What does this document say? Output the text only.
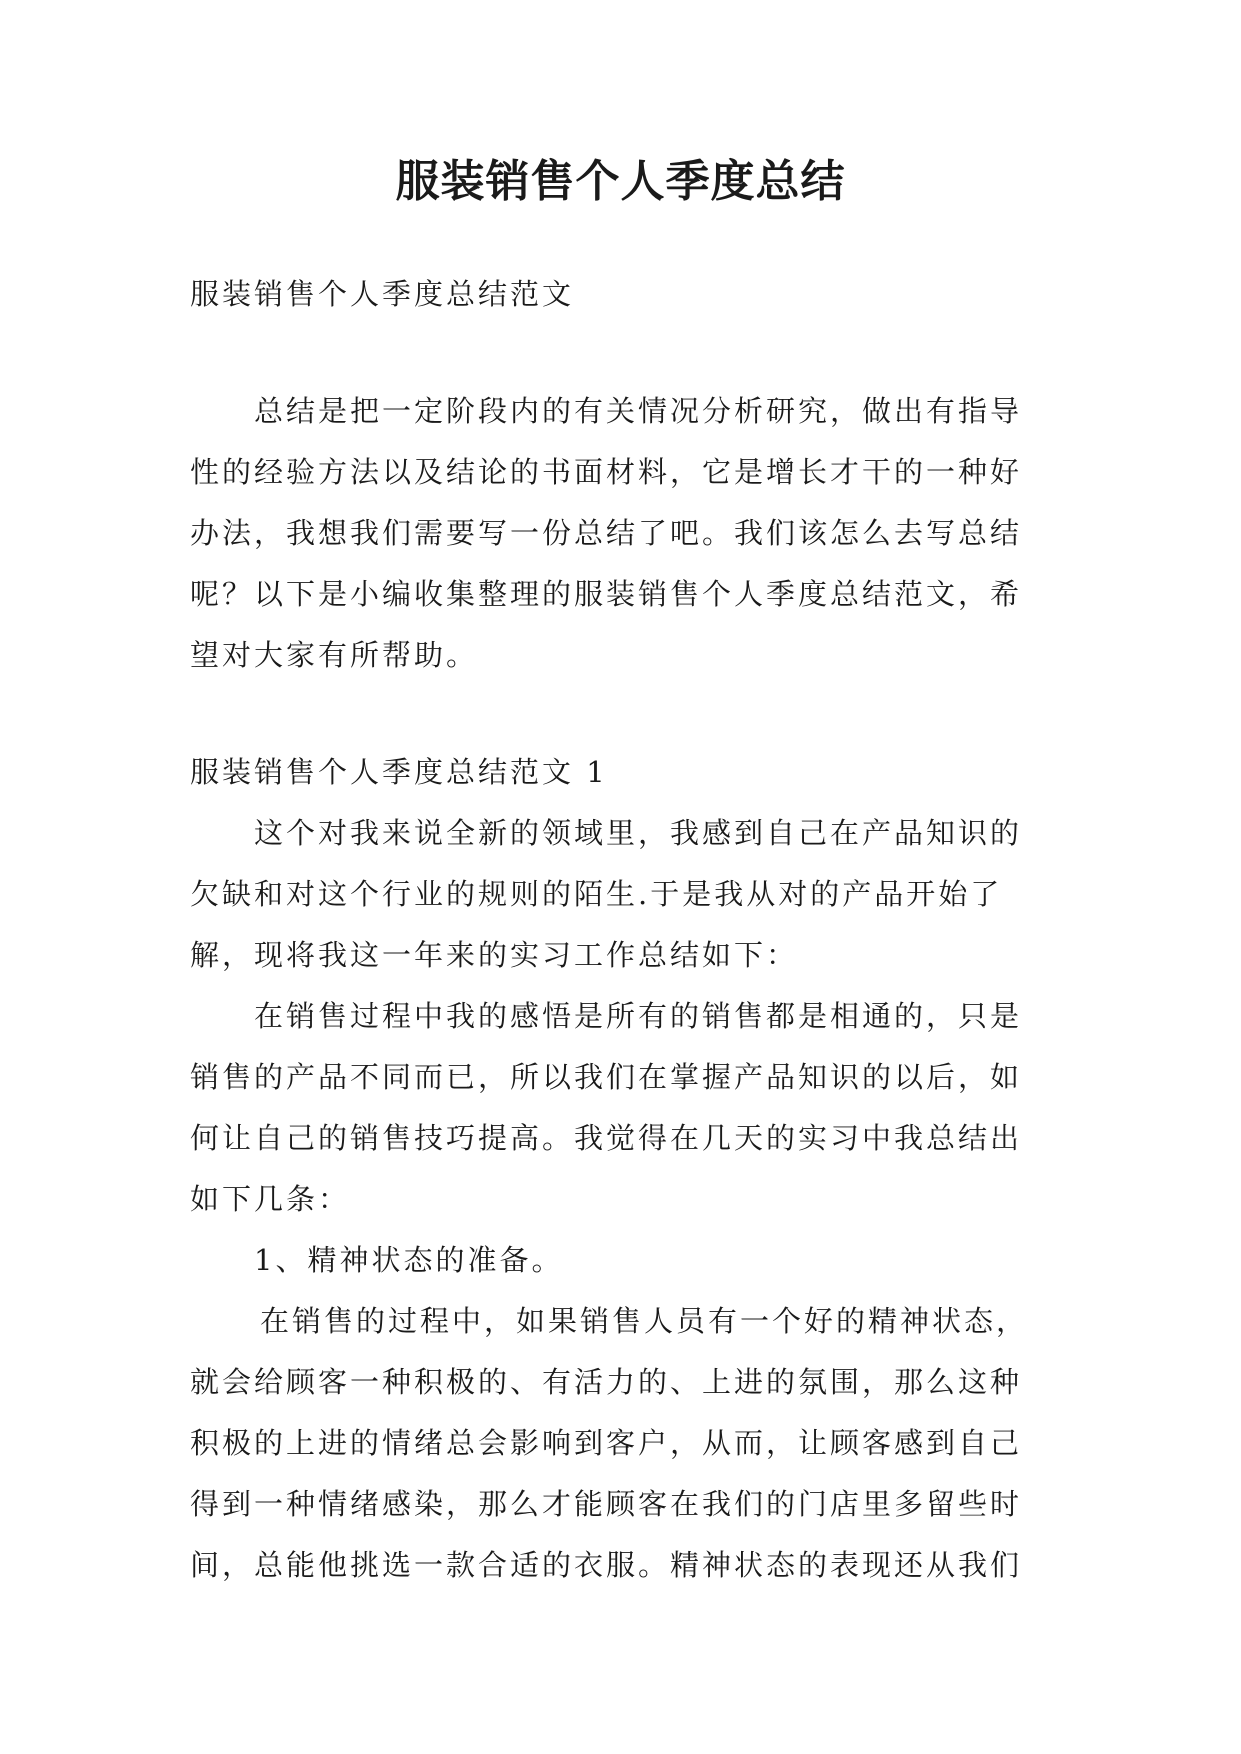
服装销售个人季度总结
服装销售个人季度总结范文
总结是把一定阶段内的有关情况分析研究，做出有指导
性的经验方法以及结论的书面材料，它是增长才干的一种好
办法，我想我们需要写一份总结了吧。我们该怎么去写总结
呢？以下是小编收集整理的服装销售个人季度总结范文，希
望对大家有所帮助。
服装销售个人季度总结范文 1
这个对我来说全新的领域里，我感到自己在产品知识的
欠缺和对这个行业的规则的陌生.于是我从对的产品开始了
解，现将我这一年来的实习工作总结如下：
在销售过程中我的感悟是所有的销售都是相通的，只是
销售的产品不同而已，所以我们在掌握产品知识的以后，如
何让自己的销售技巧提高。我觉得在几天的实习中我总结出
如下几条：
1、精神状态的准备。
在销售的过程中，如果销售人员有一个好的精神状态，
就会给顾客一种积极的、有活力的、上进的氛围，那么这种
积极的上进的情绪总会影响到客户，从而，让顾客感到自己
得到一种情绪感染，那么才能顾客在我们的门店里多留些时
间，总能他挑选一款合适的衣服。精神状态的表现还从我们
